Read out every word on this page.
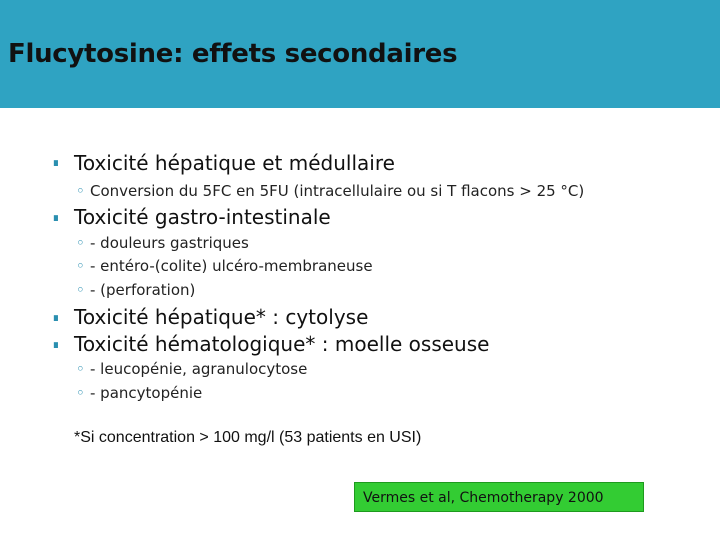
Flucytosine: effets secondaires
∎ Toxicité hépatique et médullaire
◦ Conversion du 5FC en 5FU (intracellulaire ou si T flacons > 25 °C)
∎ Toxicité gastro-intestinale
◦ - douleurs gastriques
◦ - entéro-(colite) ulcéro-membraneuse
◦ - (perforation)
∎ Toxicité hépatique* : cytolyse
∎ Toxicité hématologique* : moelle osseuse
◦ - leucopénie, agranulocytose
◦ - pancytopénie
*Si concentration > 100 mg/l (53 patients en USI)
Vermes et al, Chemotherapy 2000
